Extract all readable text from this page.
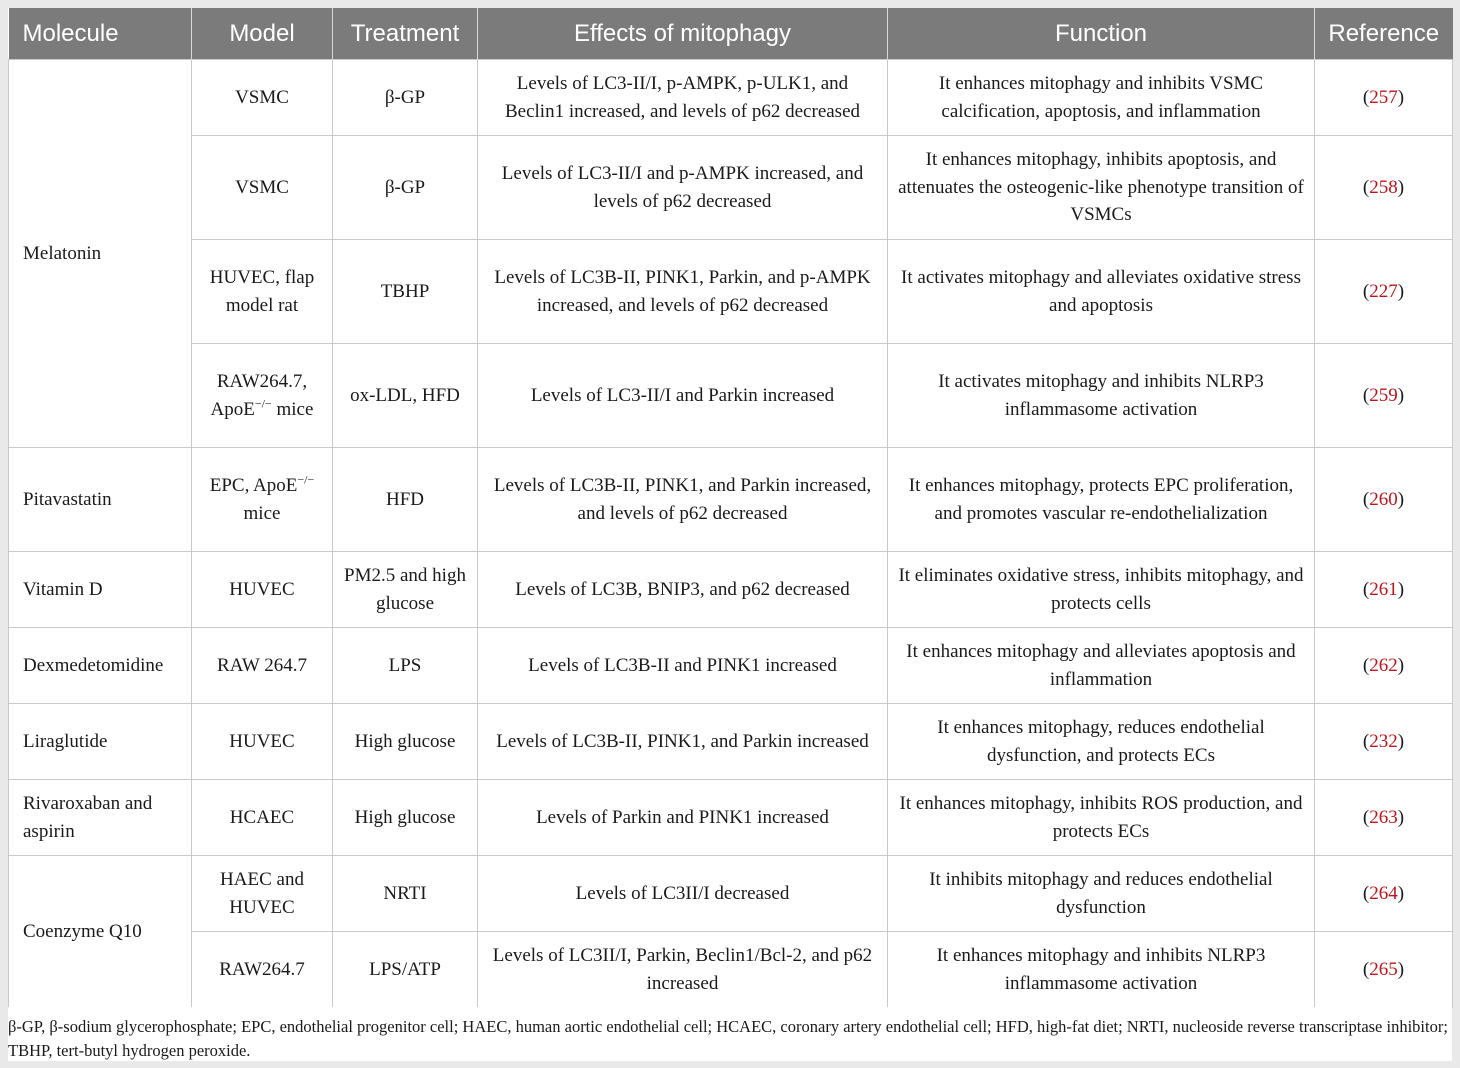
Molecule	Model	Treatment	Effects of mitophagy	Function	Reference
Melatonin	VSMC	β-GP	Levels of LC3-II/I, p-AMPK, p-ULK1, and Beclin1 increased, and levels of p62 decreased	It enhances mitophagy and inhibits VSMC calcification, apoptosis, and inflammation	(257)
	VSMC	β-GP	Levels of LC3-II/I and p-AMPK increased, and levels of p62 decreased	It enhances mitophagy, inhibits apoptosis, and attenuates the osteogenic-like phenotype transition of VSMCs	(258)
	HUVEC, flap model rat	TBHP	Levels of LC3B-II, PINK1, Parkin, and p-AMPK increased, and levels of p62 decreased	It activates mitophagy and alleviates oxidative stress and apoptosis	(227)
	RAW264.7, ApoE−/− mice	ox-LDL, HFD	Levels of LC3-II/I and Parkin increased	It activates mitophagy and inhibits NLRP3 inflammasome activation	(259)
Pitavastatin	EPC, ApoE−/− mice	HFD	Levels of LC3B-II, PINK1, and Parkin increased, and levels of p62 decreased	It enhances mitophagy, protects EPC proliferation, and promotes vascular re-endothelialization	(260)
Vitamin D	HUVEC	PM2.5 and high glucose	Levels of LC3B, BNIP3, and p62 decreased	It eliminates oxidative stress, inhibits mitophagy, and protects cells	(261)
Dexmedetomidine	RAW 264.7	LPS	Levels of LC3B-II and PINK1 increased	It enhances mitophagy and alleviates apoptosis and inflammation	(262)
Liraglutide	HUVEC	High glucose	Levels of LC3B-II, PINK1, and Parkin increased	It enhances mitophagy, reduces endothelial dysfunction, and protects ECs	(232)
Rivaroxaban and aspirin	HCAEC	High glucose	Levels of Parkin and PINK1 increased	It enhances mitophagy, inhibits ROS production, and protects ECs	(263)
Coenzyme Q10	HAEC and HUVEC	NRTI	Levels of LC3II/I decreased	It inhibits mitophagy and reduces endothelial dysfunction	(264)
	RAW264.7	LPS/ATP	Levels of LC3II/I, Parkin, Beclin1/Bcl-2, and p62 increased	It enhances mitophagy and inhibits NLRP3 inflammasome activation	(265)
β-GP, β-sodium glycerophosphate; EPC, endothelial progenitor cell; HAEC, human aortic endothelial cell; HCAEC, coronary artery endothelial cell; HFD, high-fat diet; NRTI, nucleoside reverse transcriptase inhibitor; TBHP, tert-butyl hydrogen peroxide.
